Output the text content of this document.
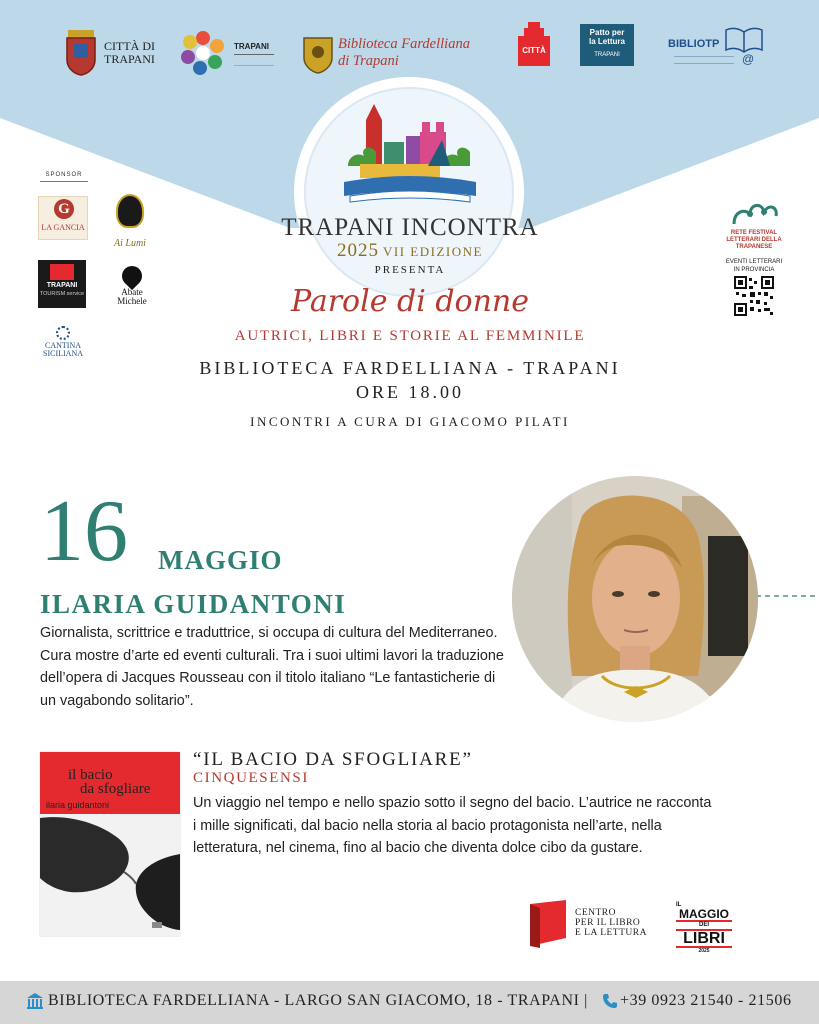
CITTÀ DI
TRAPANI
TRAPANI	Biblioteca Fardelliana
di Trapani
CITTÀ
Patto per
la Lettura
TRAPANI
BIBLIOTP
@
TRAPANI INCONTRA
2025 VII EDIZIONE
PRESENTA
Parole di donne
AUTRICI, LIBRI E STORIE AL FEMMINILE
BIBLIOTECA FARDELLIANA - TRAPANI
ORE 18.00
INCONTRI A CURA DI GIACOMO PILATI
SPONSOR
G
LA GANCIA
Ai Lumi
TRAPANI
TOURISM service	Abate
Michele
CANTINA
SICILIANA
RETE FESTIVAL LETTERARI DELLA TRAPANESE
EVENTI LETTERARI IN PROVINCIA
16 MAGGIO
ILARIA GUIDANTONI
Giornalista, scrittrice e traduttrice, si occupa di cultura del Mediterraneo. Cura mostre d’arte ed eventi culturali. Tra i suoi ultimi lavori la traduzione dell’opera di Jacques Rousseau con il titolo italiano “Le fantasticherie di un vagabondo solitario”.
il bacio
da sfogliare
ilaria guidantoni
“IL BACIO DA SFOGLIARE”
CINQUESENSI
Un viaggio nel tempo e nello spazio sotto il segno del bacio. L’autrice ne racconta i mille significati, dal bacio nella storia al bacio protagonista nell’arte, nella letteratura, nel cinema, fino al bacio che diventa dolce cibo da gustare.
CENTRO
PER IL LIBRO
E LA LETTURA
IL
MAGGIO
DEI
LIBRI
2025
BIBLIOTECA FARDELLIANA - LARGO SAN GIACOMO, 18 - TRAPANI | +39 0923 21540 - 21506
